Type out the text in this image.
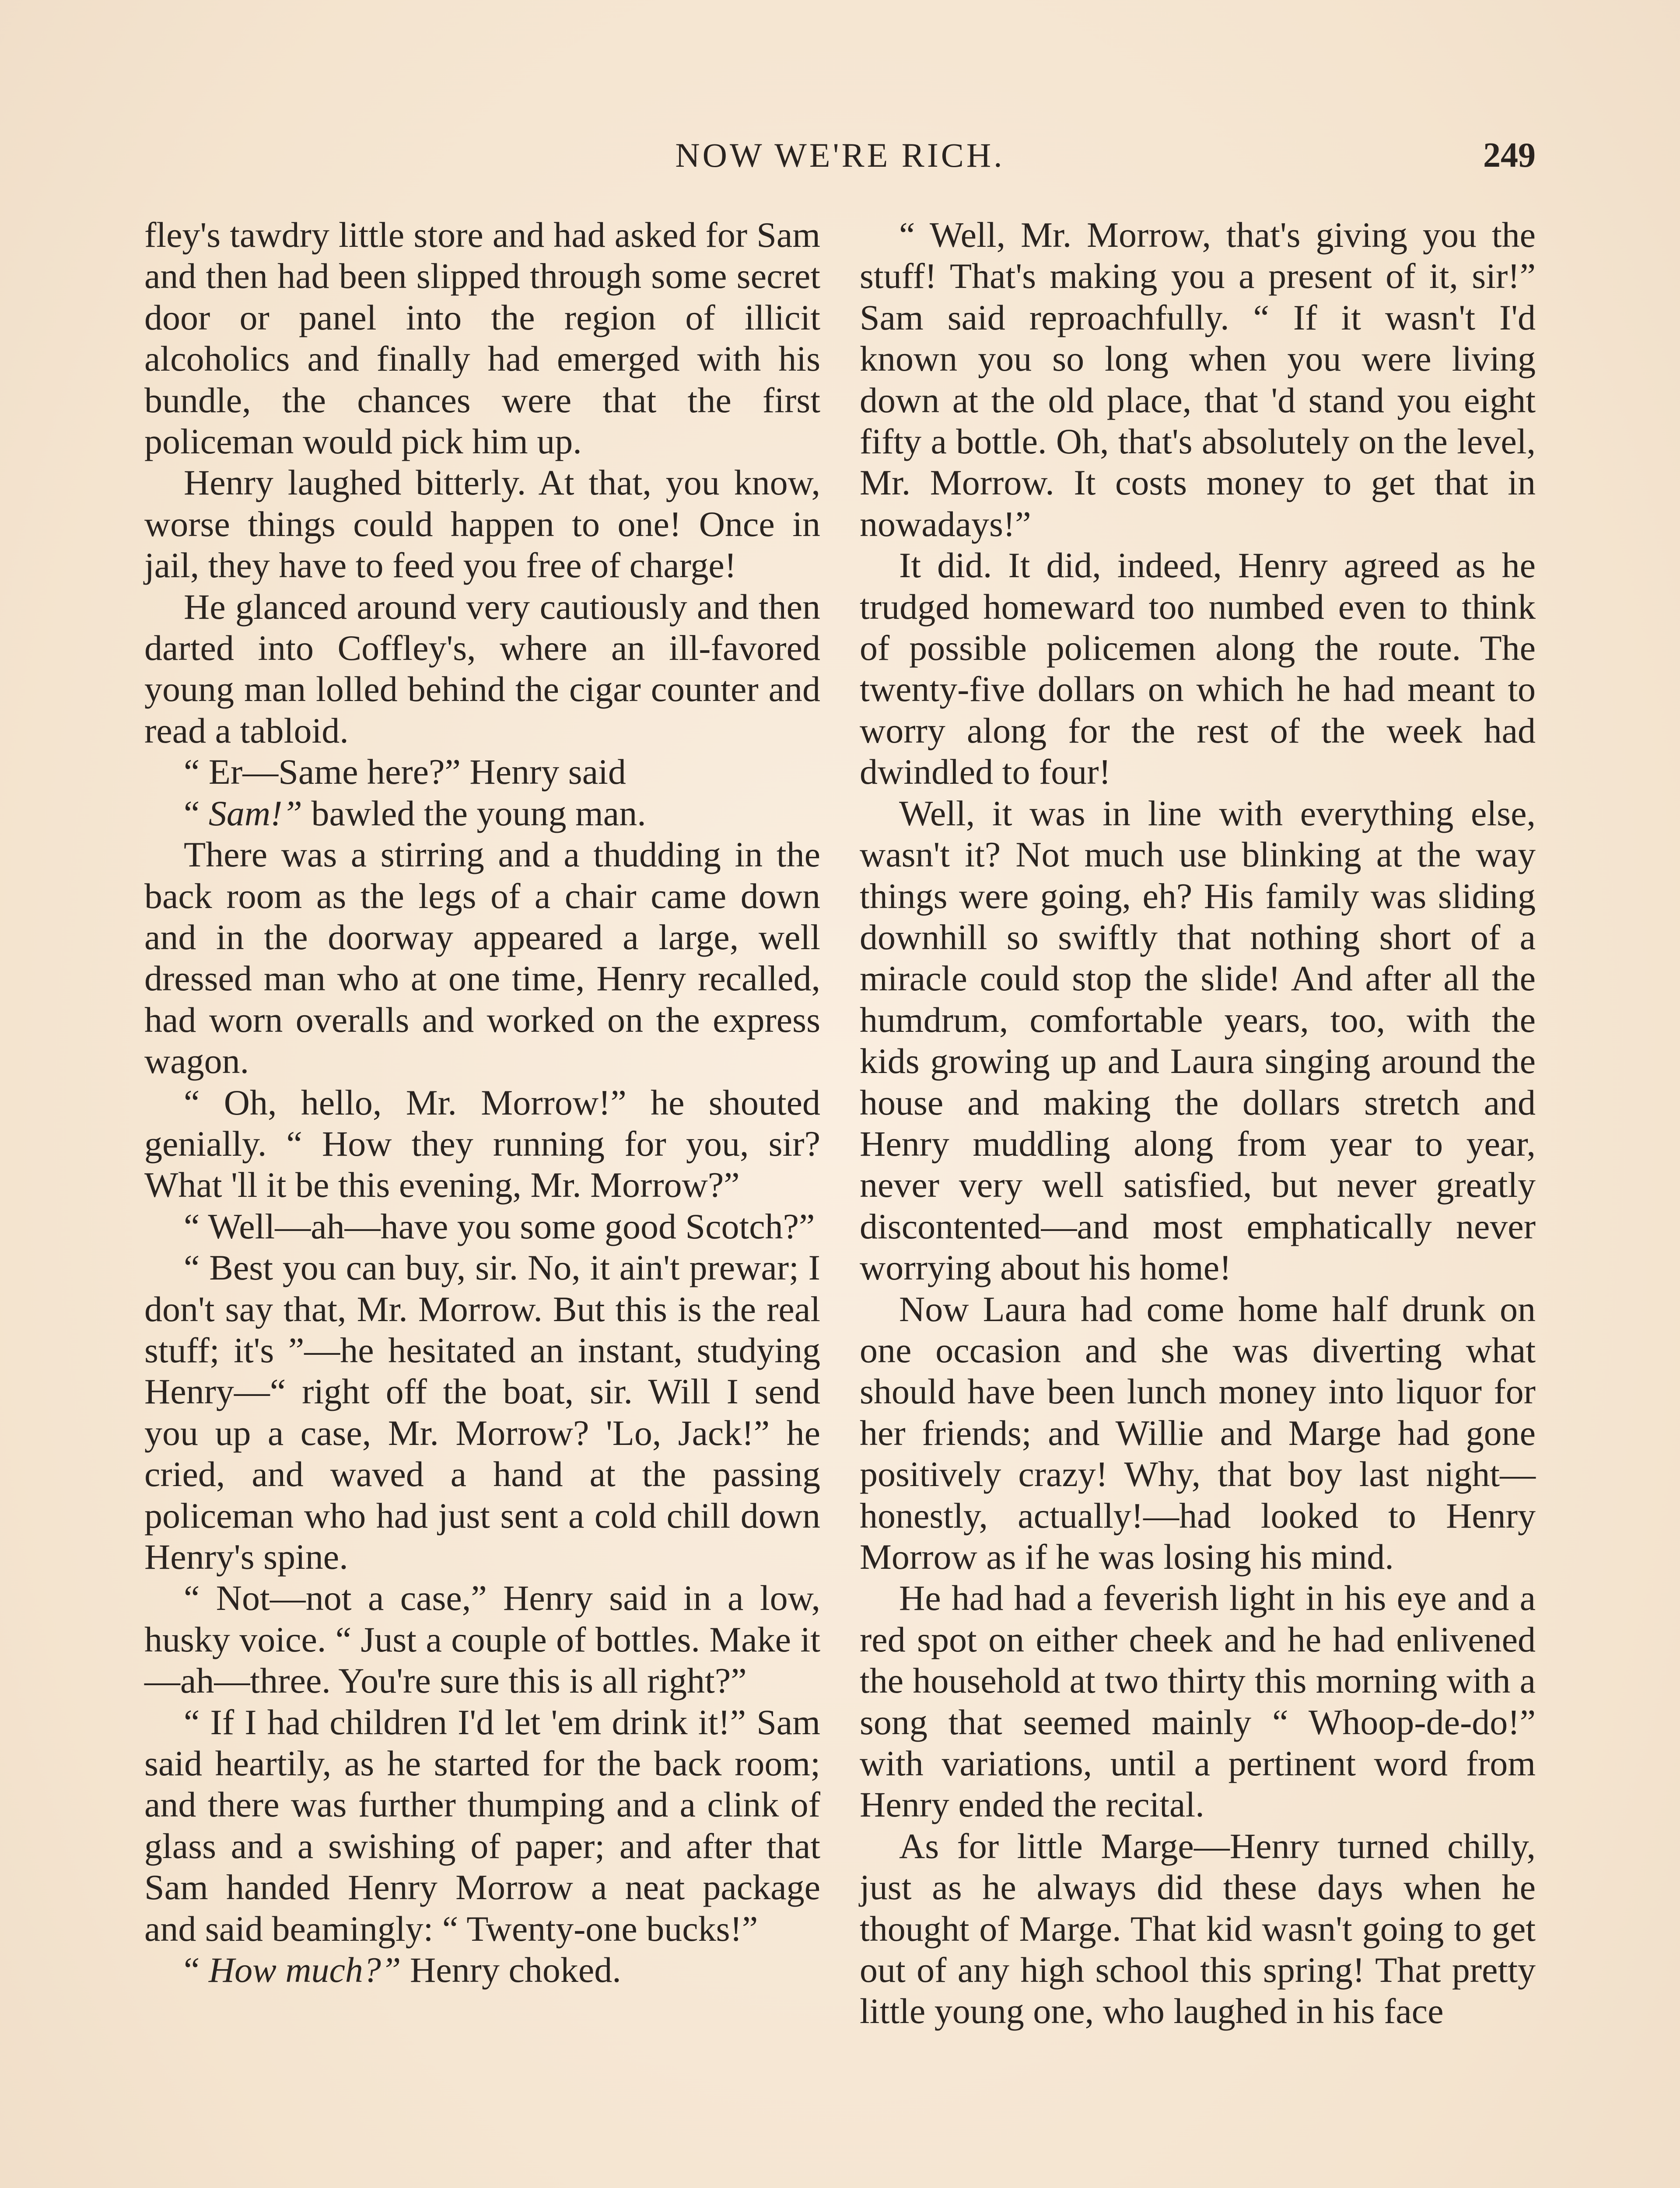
NOW WE'RE RICH.	249

fley's tawdry little store and had asked for Sam and then had been slipped through some secret door or panel into the region of illicit alcoholics and finally had emerged with his bundle, the chances were that the first policeman would pick him up.

Henry laughed bitterly. At that, you know, worse things could happen to one! Once in jail, they have to feed you free of charge!

He glanced around very cautiously and then darted into Coffley's, where an ill-favored young man lolled behind the cigar counter and read a tabloid.

“ Er—Same here?” Henry said

“ Sam!” bawled the young man.

There was a stirring and a thudding in the back room as the legs of a chair came down and in the doorway appeared a large, well dressed man who at one time, Henry recalled, had worn overalls and worked on the express wagon.

“ Oh, hello, Mr. Morrow!” he shouted genially. “ How they running for you, sir? What 'll it be this evening, Mr. Morrow?”

“ Well—ah—have you some good Scotch?”

“ Best you can buy, sir. No, it ain't prewar; I don't say that, Mr. Morrow. But this is the real stuff; it's ”—he hesitated an instant, studying Henry—“ right off the boat, sir. Will I send you up a case, Mr. Morrow? 'Lo, Jack!” he cried, and waved a hand at the passing policeman who had just sent a cold chill down Henry's spine.

“ Not—not a case,” Henry said in a low, husky voice. “ Just a couple of bottles. Make it—ah—three. You're sure this is all right?”

“ If I had children I'd let 'em drink it!” Sam said heartily, as he started for the back room; and there was further thumping and a clink of glass and a swishing of paper; and after that Sam handed Henry Morrow a neat package and said beamingly: “ Twenty-one bucks!”

“ How much?” Henry choked.

“ Well, Mr. Morrow, that's giving you the stuff! That's making you a present of it, sir!” Sam said reproachfully. “ If it wasn't I'd known you so long when you were living down at the old place, that 'd stand you eight fifty a bottle. Oh, that's absolutely on the level, Mr. Morrow. It costs money to get that in nowadays!”

It did. It did, indeed, Henry agreed as he trudged homeward too numbed even to think of possible policemen along the route. The twenty-five dollars on which he had meant to worry along for the rest of the week had dwindled to four!

Well, it was in line with everything else, wasn't it? Not much use blinking at the way things were going, eh? His family was sliding downhill so swiftly that nothing short of a miracle could stop the slide! And after all the humdrum, comfortable years, too, with the kids growing up and Laura singing around the house and making the dollars stretch and Henry muddling along from year to year, never very well satisfied, but never greatly discontented—and most emphatically never worrying about his home!

Now Laura had come home half drunk on one occasion and she was diverting what should have been lunch money into liquor for her friends; and Willie and Marge had gone positively crazy! Why, that boy last night—honestly, actually!—had looked to Henry Morrow as if he was losing his mind.

He had had a feverish light in his eye and a red spot on either cheek and he had enlivened the household at two thirty this morning with a song that seemed mainly “ Whoop-de-do!” with variations, until a pertinent word from Henry ended the recital.

As for little Marge—Henry turned chilly, just as he always did these days when he thought of Marge. That kid wasn't going to get out of any high school this spring! That pretty little young one, who laughed in his face
